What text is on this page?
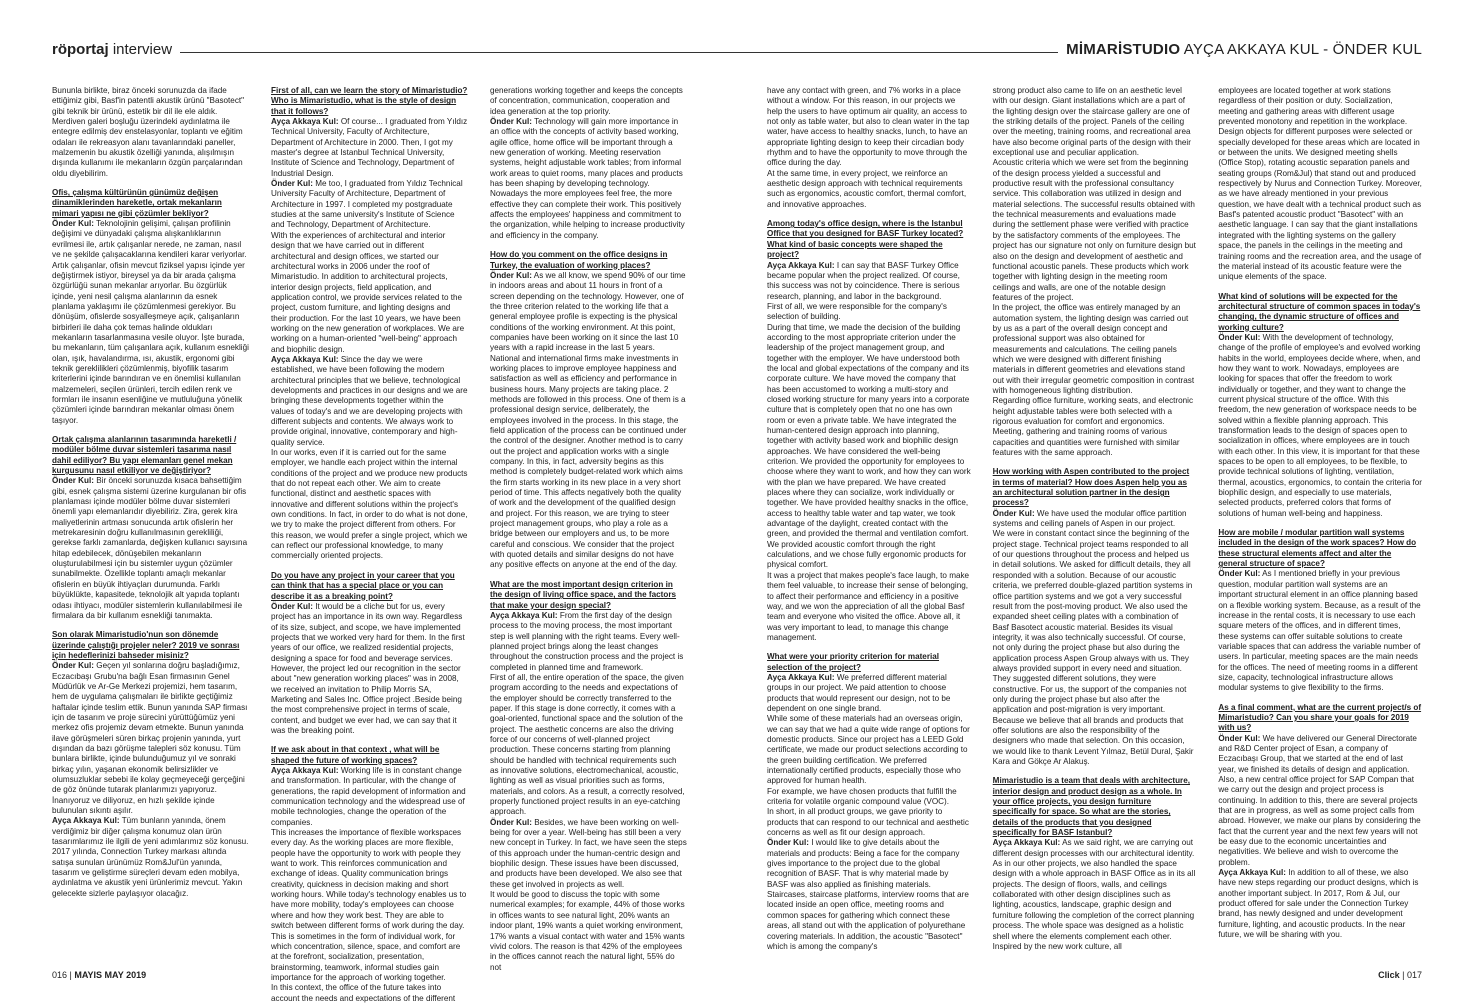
röportaj interview	MİMARİSTUDIO AYÇA AKKAYA KUL - ÖNDER KUL

Bununla birlikte, biraz önceki sorunuzda da ifade ettiğimiz gibi, Basf'in patentli akustik ürünü "Basotect" gibi teknik bir ürünü, estetik bir dil ile ele aldık. Merdiven galeri boşluğu üzerindeki aydınlatma ile entegre edilmiş dev enstelasyonlar, toplantı ve eğitim odaları ile rekreasyon alanı tavanlarındaki paneller, malzemenin bu akustik özelliği yanında, alışılmışın dışında kullanımı ile mekanların özgün parçalarından oldu diyebilirim.

Ofis, çalışma kültürünün günümüz değişen dinamiklerinden hareketle, ortak mekanların mimari yapısı ne gibi çözümler bekliyor?

Önder Kul: Teknolojinin gelişimi, çalışan profilinin değişimi ve dünyadaki çalışma alışkanlıklarının evrilmesi ile, artık çalışanlar nerede, ne zaman, nasıl ve ne şekilde çalışacaklarına kendileri karar veriyorlar. Artık çalışanlar, ofisin mevcut fiziksel yapısı içinde yer değiştirmek istiyor, bireysel ya da bir arada çalışma özgürlüğü sunan mekanlar arıyorlar. Bu özgürlük içinde, yeni nesil çalışma alanlarının da esnek planlama yaklaşımı ile çözümlenmesi gerekiyor. Bu dönüşüm, ofislerde sosyalleşmeye açık, çalışanların birbirleri ile daha çok temas halinde oldukları mekanların tasarlanmasına vesile oluyor. İşte burada, bu mekanların, tüm çalışanlara açık, kullanım esnekliği olan, ışık, havalandırma, ısı, akustik, ergonomi gibi teknik gereklilikleri çözümlenmiş, biyofilik tasarım kriterlerini içinde barındıran ve en önemlisi kullanılan malzemeleri, seçilen ürünleri, tercih edilen renk ve formları ile insanın esenliğine ve mutluluğuna yönelik çözümleri içinde barındıran mekanlar olması önem taşıyor.

Ortak çalışma alanlarının tasarımında hareketli / modüler bölme duvar sistemleri tasarıma nasıl dahil ediliyor? Bu yapı elemanları genel mekan kurgusunu nasıl etkiliyor ve değiştiriyor?

Önder Kul: Bir önceki sorunuzda kısaca bahsettiğim gibi, esnek çalışma sistemi üzerine kurgulanan bir ofis planlaması içinde modüler bölme duvar sistemleri önemli yapı elemanlarıdır diyebiliriz. Zira, gerek kira maliyetlerinin artması sonucunda artık ofislerin her metrekaresinin doğru kullanılmasının gerekliliği, gerekse farklı zamanlarda, değişken kullanıcı sayısına hitap edebilecek, dönüşebilen mekanların oluşturulabilmesi için bu sistemler uygun çözümler sunabilmekte. Özellikle toplantı amaçlı mekanlar ofislerin en büyük ihtiyaçları durumunda. Farklı büyüklükte, kapasitede, teknolojik alt yapıda toplantı odası ihtiyacı, modüler sistemlerin kullanılabilmesi ile firmalara da bir kullanım esnekliği tanımakta.

Son olarak Mimaristudio'nun son dönemde üzerinde çalıştığı projeler neler? 2019 ve sonrası için hedeflerinizi bahseder misiniz?

Önder Kul: Geçen yıl sonlarına doğru başladığımız, Eczacıbaşı Grubu'na bağlı Esan firmasının Genel Müdürlük ve Ar-Ge Merkezi projemizi, hem tasarım, hem de uygulama çalışmaları ile birlikte geçtiğimiz haftalar içinde teslim ettik. Bunun yanında SAP firması için de tasarım ve proje sürecini yürüttüğümüz yeni merkez ofis projemiz devam etmekte. Bunun yanında ilave görüşmeleri süren birkaç projenin yanında, yurt dışından da bazı görüşme talepleri söz konusu. Tüm bunlara birlikte, içinde bulunduğumuz yıl ve sonraki birkaç yılın, yaşanan ekonomik belirsizlikler ve olumsuzluklar sebebi ile kolay geçmeyeceği gerçeğini de göz önünde tutarak planlarımızı yapıyoruz. İnanıyoruz ve diliyoruz, en hızlı şekilde içinde bulunulan sıkıntı aşılır.

Ayça Akkaya Kul: Tüm bunların yanında, önem verdiğimiz bir diğer çalışma konumuz olan ürün tasarımlarımız ile ilgili de yeni adımlarımız söz konusu. 2017 yılında, Connection Turkey markası altında satışa sunulan ürünümüz Rom&Jul'ün yanında, tasarım ve geliştirme süreçleri devam eden mobilya, aydınlatma ve akustik yeni ürünlerimiz mevcut. Yakın gelecekte sizlerle paylaşıyor olacağız.

First of all, can we learn the story of Mimaristudio? Who is Mimaristudio, what is the style of design that it follows?

Ayça Akkaya Kul: Of course... I graduated from Yıldız Technical University, Faculty of Architecture, Department of Architecture in 2000. Then, I got my master's degree at Istanbul Technical University, Institute of Science and Technology, Department of Industrial Design.

Önder Kul: Me too, I graduated from Yıldız Technical University Faculty of Architecture, Department of Architecture in 1997. I completed my postgraduate studies at the same university's Institute of Science and Technology, Department of Architecture.

With the experiences of architectural and interior design that we have carried out in different architectural and design offices, we started our architectural works in 2006 under the roof of Mimaristudio. In addition to architectural projects, interior design projects, field application, and application control, we provide services related to the project, custom furniture, and lighting designs and their production. For the last 10 years, we have been working on the new generation of workplaces. We are working on a human-oriented "well-being" approach and biophilic design.

Ayça Akkaya Kul: Since the day we were established, we have been following the modern architectural principles that we believe, technological developments and practices in our designs and we are bringing these developments together within the values of today's and we are developing projects with different subjects and contents. We always work to provide original, innovative, contemporary and high-quality service.

In our works, even if it is carried out for the same employer, we handle each project within the internal conditions of the project and we produce new products that do not repeat each other. We aim to create functional, distinct and aesthetic spaces with innovative and different solutions within the project's own conditions. In fact, in order to do what is not done, we try to make the project different from others. For this reason, we would prefer a single project, which we can reflect our professional knowledge, to many commercially oriented projects.

Do you have any project in your career that you can think that has a special place or you can describe it as a breaking point?

Önder Kul: It would be a cliche but for us, every project has an importance in its own way. Regardless of its size, subject, and scope, we have implemented projects that we worked very hard for them. In the first years of our office, we realized residential projects, designing a space for food and beverage services. However, the project led our recognition in the sector about "new generation working places" was in 2008, we received an invitation to Philip Morris SA, Marketing and Sales Inc. Office project .Beside being the most comprehensive project in terms of scale, content, and budget we ever had, we can say that it was the breaking point.

If we ask about in that context , what will be shaped the future of working spaces?

Ayça Akkaya Kul: Working life is in constant change and transformation. In particular, with the change of generations, the rapid development of information and communication technology and the widespread use of mobile technologies, change the operation of the companies.

This increases the importance of flexible workspaces every day. As the working places are more flexible, people have the opportunity to work with people they want to work. This reinforces communication and exchange of ideas. Quality communication brings creativity, quickness in decision making and short working hours. While today's technology enables us to have more mobility, today's employees can choose where and how they work best. They are able to switch between different forms of work during the day. This is sometimes in the form of individual work, for which concentration, silence, space, and comfort are at the forefront, socialization, presentation, brainstorming, teamwork, informal studies gain importance for the approach of working together.

In this context, the office of the future takes into account the needs and expectations of the different

generations working together and keeps the concepts of concentration, communication, cooperation and idea generation at the top priority.

Önder Kul: Technology will gain more importance in an office with the concepts of activity based working, agile office, home office will be important through a new generation of working. Meeting reservation systems, height adjustable work tables; from informal work areas to quiet rooms, many places and products has been shaping by developing technology.

Nowadays the more employees feel free, the more effective they can complete their work. This positively affects the employees' happiness and commitment to the organization, while helping to increase productivity and efficiency in the company.

How do you comment on the office designs in Turkey, the evaluation of working places?

Önder Kul: As we all know, we spend 90% of our time in indoors areas and about 11 hours in front of a screen depending on the technology. However, one of the three criterion related to the working life that a general employee profile is expecting is the physical conditions of the working environment. At this point, companies have been working on it since the last 10 years with a rapid increase in the last 5 years.

National and international firms make investments in working places to improve employee happiness and satisfaction as well as efficiency and performance in business hours. Many projects are taking place. 2 methods are followed in this process. One of them is a professional design service, deliberately, the employees involved in the process. In this stage, the field application of the process can be continued under the control of the designer. Another method is to carry out the project and application works with a single company. In this, in fact, adversity begins as this method is completely budget-related work which aims the firm starts working in its new place in a very short period of time. This affects negatively both the quality of work and the development of the qualified design and project. For this reason, we are trying to steer project management groups, who play a role as a bridge between our employers and us, to be more careful and conscious. We consider that the project with quoted details and similar designs do not have any positive effects on anyone at the end of the day.

What are the most important design criterion in the design of living office space, and the factors that make your design special?

Ayça Akkaya Kul: From the first day of the design process to the moving process, the most important step is well planning with the right teams. Every well-planned project brings along the least changes throughout the construction process and the project is completed in planned time and framework.

First of all, the entire operation of the space, the given program according to the needs and expectations of the employer should be correctly transferred to the paper. If this stage is done correctly, it comes with a goal-oriented, functional space and the solution of the project. The aesthetic concerns are also the driving force of our concerns of well-planned project production. These concerns starting from planning should be handled with technical requirements such as innovative solutions, electromechanical, acoustic, lighting as well as visual priorities such as forms, materials, and colors. As a result, a correctly resolved, properly functioned project results in an eye-catching approach.

Önder Kul: Besides, we have been working on well-being for over a year. Well-being has still been a very new concept in Turkey. In fact, we have seen the steps of this approach under the human-centric design and biophilic design. These issues have been discussed, and products have been developed. We also see that these get involved in projects as well.

It would be good to discuss the topic with some numerical examples; for example, 44% of those works in offices wants to see natural light, 20% wants an indoor plant, 19% wants a quiet working environment, 17% wants a visual contact with water and 15% wants vivid colors. The reason is that 42% of the employees in the offices cannot reach the natural light, 55% do not

have any contact with green, and 7% works in a place without a window. For this reason, in our projects we help the users to have optimum air quality, an access to not only as table water, but also to clean water in the tap water, have access to healthy snacks, lunch, to have an appropriate lighting design to keep their circadian body rhythm and to have the opportunity to move through the office during the day.

At the same time, in every project, we reinforce an aesthetic design approach with technical requirements such as ergonomics, acoustic comfort, thermal comfort, and innovative approaches.

Among today's office design, where is the Istanbul Office that you designed for BASF Turkey located? What kind of basic concepts were shaped the project?

Ayça Akkaya Kul: I can say that BASF Turkey Office became popular when the project realized. Of course, this success was not by coincidence. There is serious research, planning, and labor in the background.

First of all, we were responsible for the company's selection of building.

During that time, we made the decision of the building according to the most appropriate criterion under the leadership of the project management group, and together with the employer. We have understood both the local and global expectations of the company and its corporate culture. We have moved the company that has been accustomed to working a multi-story and closed working structure for many years into a corporate culture that is completely open that no one has own room or even a private table. We have integrated the human-centered design approach into planning, together with activity based work and biophilic design approaches. We have considered the well-being criterion. We provided the opportunity for employees to choose where they want to work, and how they can work with the plan we have prepared. We have created places where they can socialize, work individually or together. We have provided healthy snacks in the office, access to healthy table water and tap water, we took advantage of the daylight, created contact with the green, and provided the thermal and ventilation comfort. We provided acoustic comfort through the right calculations, and we chose fully ergonomic products for physical comfort.

It was a project that makes people's face laugh, to make them feel valuable, to increase their sense of belonging, to affect their performance and efficiency in a positive way, and we won the appreciation of all the global Basf team and everyone who visited the office. Above all, it was very important to lead, to manage this change management.

What were your priority criterion for material selection of the project?

Ayça Akkaya Kul: We preferred different material groups in our project. We paid attention to choose products that would represent our design, not to be dependent on one single brand.

While some of these materials had an overseas origin, we can say that we had a quite wide range of options for domestic products. Since our project has a LEED Gold certificate, we made our product selections according to the green building certification. We preferred internationally certified products, especially those who approved for human health.

For example, we have chosen products that fulfill the criteria for volatile organic compound value (VOC).

In short, in all product groups, we gave priority to products that can respond to our technical and aesthetic concerns as well as fit our design approach.

Önder Kul: I would like to give details about the materials and products: Being a face for the company gives importance to the project due to the global recognition of BASF. That is why material made by BASF was also applied as finishing materials. Staircases, staircase platforms, interview rooms that are located inside an open office, meeting rooms and common spaces for gathering which connect these areas, all stand out with the application of polyurethane covering materials. In addition, the acoustic "Basotect" which is among the company's

strong product also came to life on an aesthetic level with our design. Giant installations which are a part of the lighting design over the staircase gallery are one of the striking details of the project. Panels of the ceiling over the meeting, training rooms, and recreational area have also become original parts of the design with their exceptional use and peculiar application.

Acoustic criteria which we were set from the beginning of the design process yielded a successful and productive result with the professional consultancy service. This collaboration was utilized in design and material selections. The successful results obtained with the technical measurements and evaluations made during the settlement phase were verified with practice by the satisfactory comments of the employees. The project has our signature not only on furniture design but also on the design and development of aesthetic and functional acoustic panels. These products which work together with lighting design in the meeting room ceilings and walls, are one of the notable design features of the project.

In the project, the office was entirely managed by an automation system, the lighting design was carried out by us as a part of the overall design concept and professional support was also obtained for measurements and calculations. The ceiling panels which we were designed with different finishing materials in different geometries and elevations stand out with their irregular geometric composition in contrast with homogeneous lighting distribution.

Regarding office furniture, working seats, and electronic height adjustable tables were both selected with a rigorous evaluation for comfort and ergonomics. Meeting, gathering and training rooms of various capacities and quantities were furnished with similar features with the same approach.

How working with Aspen contributed to the project in terms of material? How does Aspen help you as an architectural solution partner in the design process?

Önder Kul: We have used the modular office partition systems and ceiling panels of Aspen in our project.

We were in constant contact since the beginning of the project stage. Technical project teams responded to all of our questions throughout the process and helped us in detail solutions. We asked for difficult details, they all responded with a solution. Because of our acoustic criteria, we preferred double-glazed partition systems in office partition systems and we got a very successful result from the post-moving product. We also used the expanded sheet ceiling plates with a combination of Basf Basotect acoustic material. Besides its visual integrity, it was also technically successful. Of course, not only during the project phase but also during the application process Aspen Group always with us. They always provided support in every need and situation. They suggested different solutions, they were constructive. For us, the support of the companies not only during the project phase but also after the application and post-migration is very important. Because we believe that all brands and products that offer solutions are also the responsibility of the designers who made that selection. On this occasion, we would like to thank Levent Yılmaz, Betül Dural, Şakir Kara and Gökçe Ar Alakuş.

Mimaristudio is a team that deals with architecture, interior design and product design as a whole. In your office projects, you design furniture specifically for space. So what are the stories, details of the products that you designed specifically for BASF Istanbul?

Ayça Akkaya Kul: As we said right, we are carrying out different design processes with our architectural identity. As in our other projects, we also handled the space design with a whole approach in BASF Office as in its all projects. The design of floors, walls, and ceilings collaborated with other design disciplines such as lighting, acoustics, landscape, graphic design and furniture following the completion of the correct planning process. The whole space was designed as a holistic shell where the elements complement each other. Inspired by the new work culture, all

employees are located together at work stations regardless of their position or duty. Socialization, meeting and gathering areas with different usage prevented monotony and repetition in the workplace. Design objects for different purposes were selected or specially developed for these areas which are located in or between the units. We designed meeting shells (Office Stop), rotating acoustic separation panels and seating groups (Rom&Jul) that stand out and produced respectively by Nurus and Connection Turkey. Moreover, as we have already mentioned in your previous question, we have dealt with a technical product such as Basf's patented acoustic product "Basotect" with an aesthetic language. I can say that the giant installations integrated with the lighting systems on the gallery space, the panels in the ceilings in the meeting and training rooms and the recreation area, and the usage of the material instead of its acoustic feature were the unique elements of the space.

What kind of solutions will be expected for the architectural structure of common spaces in today's changing, the dynamic structure of offices and working culture?

Önder Kul: With the development of technology, change of the profile of employee's and evolved working habits in the world, employees decide where, when, and how they want to work. Nowadays, employees are looking for spaces that offer the freedom to work individually or together, and they want to change the current physical structure of the office. With this freedom, the new generation of workspace needs to be solved within a flexible planning approach. This transformation leads to the design of spaces open to socialization in offices, where employees are in touch with each other. In this view, it is important for that these spaces to be open to all employees, to be flexible, to provide technical solutions of lighting, ventilation, thermal, acoustics, ergonomics, to contain the criteria for biophilic design, and especially to use materials, selected products, preferred colors that forms of solutions of human well-being and happiness.

How are mobile / modular partition wall systems included in the design of the work spaces? How do these structural elements affect and alter the general structure of space?

Önder Kul: As I mentioned briefly in your previous question, modular partition wall systems are an important structural element in an office planning based on a flexible working system. Because, as a result of the increase in the rental costs, it is necessary to use each square meters of the offices, and in different times, these systems can offer suitable solutions to create variable spaces that can address the variable number of users. In particular, meeting spaces are the main needs for the offices. The need of meeting rooms in a different size, capacity, technological infrastructure allows modular systems to give flexibility to the firms.

As a final comment, what are the current project/s of Mimaristudio? Can you share your goals for 2019 with us?

Önder Kul: We have delivered our General Directorate and R&D Center project of Esan, a company of Eczacıbaşı Group, that we started at the end of last year, we finished its details of design and application. Also, a new central office project for SAP Compan that we carry out the design and project process is continuing. In addition to this, there are several projects that are in progress, as well as some project calls from abroad. However, we make our plans by considering the fact that the current year and the next few years will not be easy due to the economic uncertainties and negativities. We believe and wish to overcome the problem.

Ayça Akkaya Kul: In addition to all of these, we also have new steps regarding our product designs, which is another important subject. In 2017, Rom & Jul, our product offered for sale under the Connection Turkey brand, has newly designed and under development furniture, lighting, and acoustic products. In the near future, we will be sharing with you.

016 | MAYIS MAY 2019	Click | 017
